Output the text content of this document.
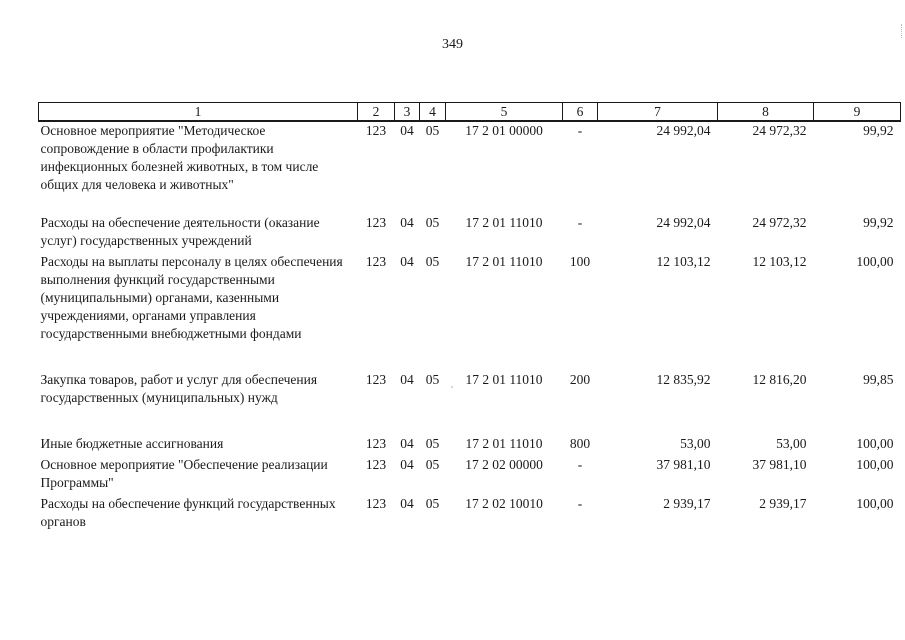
349
1	2	3	4	5	6	7	8	9
Основное мероприятие "Методическое сопровождение в области профилактики инфекционных болезней животных, в том числе общих для человека и животных"	123	04	05	17 2 01 00000	-	24 992,04	24 972,32	99,92
Расходы на обеспечение деятельности (оказание услуг) государственных учреждений	123	04	05	17 2 01 11010	-	24 992,04	24 972,32	99,92
Расходы на выплаты персоналу в целях обеспечения выполнения функций государственными (муниципальными) органами, казенными учреждениями, органами управления государственными внебюджетными фондами	123	04	05	17 2 01 11010	100	12 103,12	12 103,12	100,00
Закупка товаров, работ и услуг для обеспечения государственных (муниципальных) нужд	123	04	05	17 2 01 11010	200	12 835,92	12 816,20	99,85
Иные бюджетные ассигнования	123	04	05	17 2 01 11010	800	53,00	53,00	100,00
Основное мероприятие "Обеспечение реализации Программы"	123	04	05	17 2 02 00000	-	37 981,10	37 981,10	100,00
Расходы на обеспечение функций государственных органов	123	04	05	17 2 02 10010	-	2 939,17	2 939,17	100,00
